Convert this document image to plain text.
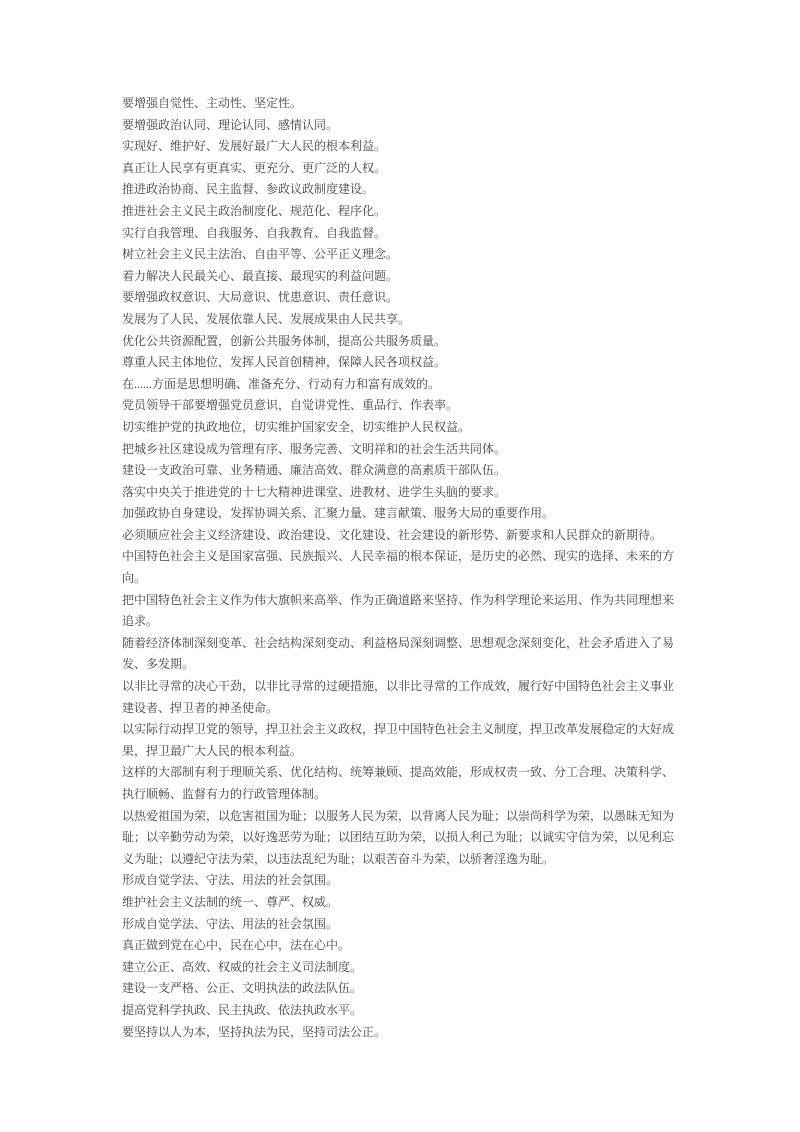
要增强自觉性、主动性、坚定性。
要增强政治认同、理论认同、感情认同。
实现好、维护好、发展好最广大人民的根本利益。
真正让人民享有更真实、更充分、更广泛的人权。
推进政治协商、民主监督、参政议政制度建设。
推进社会主义民主政治制度化、规范化、程序化。
实行自我管理、自我服务、自我教育、自我监督。
树立社会主义民主法治、自由平等、公平正义理念。
着力解决人民最关心、最直接、最现实的利益问题。
要增强政权意识、大局意识、忧患意识、责任意识。
发展为了人民、发展依靠人民、发展成果由人民共享。
优化公共资源配置，创新公共服务体制，提高公共服务质量。
尊重人民主体地位，发挥人民首创精神，保障人民各项权益。
在......方面是思想明确、准备充分、行动有力和富有成效的。
党员领导干部要增强党员意识，自觉讲党性、重品行、作表率。
切实维护党的执政地位，切实维护国家安全，切实维护人民权益。
把城乡社区建设成为管理有序、服务完善、文明祥和的社会生活共同体。
建设一支政治可靠、业务精通、廉洁高效、群众满意的高素质干部队伍。
落实中央关于推进党的十七大精神进课堂、进教材、进学生头脑的要求。
加强政协自身建设，发挥协调关系、汇聚力量、建言献策、服务大局的重要作用。
必须顺应社会主义经济建设、政治建设、文化建设、社会建设的新形势、新要求和人民群众的新期待。
中国特色社会主义是国家富强、民族振兴、人民幸福的根本保证，是历史的必然、现实的选择、未来的方向。
把中国特色社会主义作为伟大旗帜来高举、作为正确道路来坚持、作为科学理论来运用、作为共同理想来追求。
随着经济体制深刻变革、社会结构深刻变动、利益格局深刻调整、思想观念深刻变化，社会矛盾进入了易发、多发期。
以非比寻常的决心干劲，以非比寻常的过硬措施，以非比寻常的工作成效，履行好中国特色社会主义事业建设者、捍卫者的神圣使命。
以实际行动捍卫党的领导，捍卫社会主义政权，捍卫中国特色社会主义制度，捍卫改革发展稳定的大好成果，捍卫最广大人民的根本利益。
这样的大部制有利于理顺关系、优化结构、统筹兼顾、提高效能，形成权责一致、分工合理、决策科学、执行顺畅、监督有力的行政管理体制。
以热爱祖国为荣，以危害祖国为耻；以服务人民为荣，以背离人民为耻；以崇尚科学为荣，以愚昧无知为耻；以辛勤劳动为荣，以好逸恶劳为耻；以团结互助为荣，以损人利己为耻；以诚实守信为荣，以见利忘义为耻；以遵纪守法为荣，以违法乱纪为耻；以艰苦奋斗为荣，以骄奢淫逸为耻。
形成自觉学法、守法、用法的社会氛围。
维护社会主义法制的统一、尊严、权威。
形成自觉学法、守法、用法的社会氛围。
真正做到党在心中，民在心中，法在心中。
建立公正、高效、权威的社会主义司法制度。
建设一支严格、公正、文明执法的政法队伍。
提高党科学执政、民主执政、依法执政水平。
要坚持以人为本，坚持执法为民，坚持司法公正。
